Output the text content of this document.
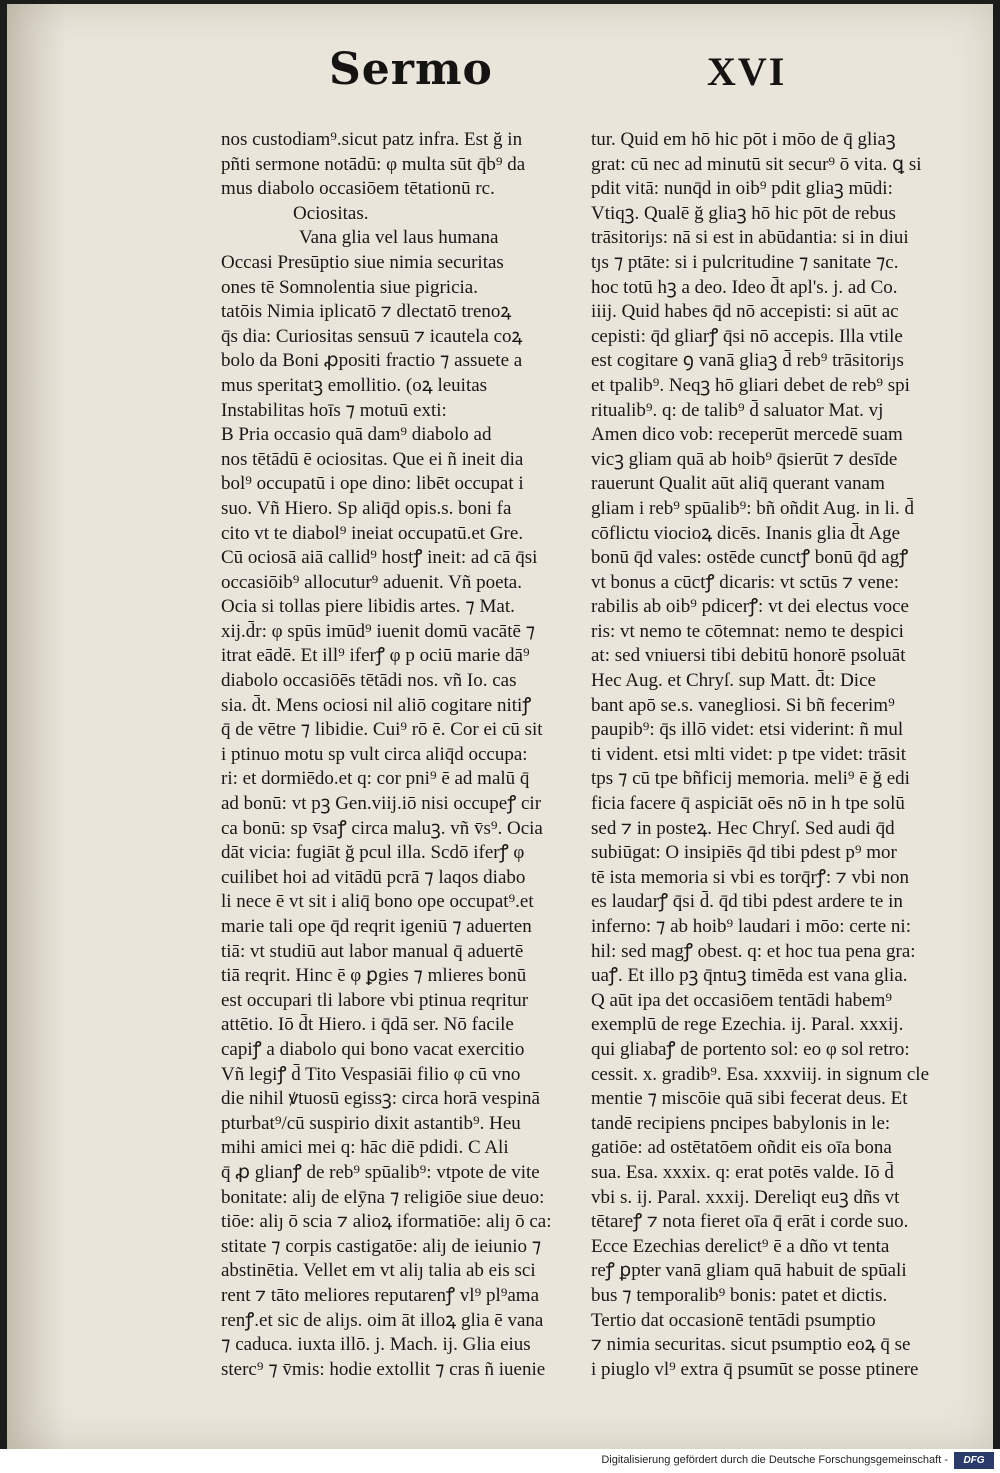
Sermo	XVI
nos custodiam⁹.sicut patz infra. Est ğ in
pñti sermone notādū: φ multa sūt q̄b⁹ da
mus diabolo occasiōem tētationū rc.
Ociositas.
Vana glia vel laus humana
Occasi Presūptio siue nimia securitas
ones tē Somnolentia siue pigricia.
tatōis Nimia iplicatō ⁊ dlectatō trenoꝝ
q̄s dia: Curiositas sensuū ⁊ icautela coꝝ
bolo da Boni ꝓpositi fractio ⁊ assuete a
mus speritatꝫ emollitio. (oꝝ leuitas
Instabilitas hoīs ⁊ motuū exti:
B Pria occasio quā dam⁹ diabolo ad
nos tētādū ē ociositas. Que ei ñ ineit dia
bol⁹ occupatū i ope dino: libēt occupat i
suo. Vñ Hiero. Sp aliq̄d opis.s. boni fa
cito vt te diabol⁹ ineiat occupatū.et Gre.
Cū ociosā aiā callid⁹ hostꝭ ineit: ad cā q̄si
occasiōib⁹ allocutur⁹ aduenit. Vñ poeta.
Ocia si tollas piere libidis artes. ⁊ Mat.
xij.d̄r: φ spūs imūd⁹ iuenit domū vacātē ⁊
itrat eādē. Et ill⁹ iferꝭ φ p ociū marie dā⁹
diabolo occasiōēs tētādi nos. vñ Io. cas
sia. d̄t. Mens ociosi nil aliō cogitare nitiꝭ
q̄ de vētre ⁊ libidie. Cui⁹ rō ē. Cor ei cū sit
i ptinuo motu sp vult circa aliq̄d occupa:
ri: et dormiēdo.et q: cor pni⁹ ē ad malū q̄
ad bonū: vt pꝫ Gen.viij.iō nisi occupeꝭ cir
ca bonū: sp v̄saꝭ circa maluꝫ. vñ v̄s⁹. Ocia
dāt vicia: fugiāt ğ pcul illa. Scdō iferꝭ φ
cuilibet hoi ad vitādū pcrā ⁊ laqos diabo
li nece ē vt sit i aliq̄ bono ope occupat⁹.et
marie tali ope q̄d reqrit igeniū ⁊ aduerten
tiā: vt studiū aut labor manual q̄ aduertē
tiā reqrit. Hinc ē φ ꝑgies ⁊ mlieres bonū
est occupari tli labore vbi ptinua reqritur
attētio. Iō d̄t Hiero. i q̄dā ser. Nō facile
capiꝭ a diabolo qui bono vacat exercitio
Vñ legiꝭ d̄ Tito Vespasiāi filio φ cū vno
die nihil ꝟtuosū egissꝫ: circa horā vespinā
pturbat⁹/cū suspirio dixit astantib⁹. Heu
mihi amici mei q: hāc diē pdidi. C Ali
q̄ ꝓ glianꝭ de reb⁹ spūalib⁹: vtpote de vite
bonitate: aliȷ de elȳna ⁊ religiōe siue deuo:
tiōe: aliȷ ō scia ⁊ alioꝝ iformatiōe: aliȷ ō ca:
stitate ⁊ corpis castigatōe: aliȷ de ieiunio ⁊
abstinētia. Vellet em vt aliȷ talia ab eis sci
rent ⁊ tāto meliores reputarenꝭ vl⁹ pl⁹ama
renꝭ.et sic de aliȷs. oim āt illoꝝ glia ē vana
⁊ caduca. iuxta illō. j. Mach. ij. Glia eius
sterc⁹ ⁊ v̄mis: hodie extollit ⁊ cras ñ iuenie
tur. Quid em hō hic pōt i mōo de q̄ gliaꝫ
grat: cū nec ad minutū sit secur⁹ ō vita. ꝗ si
pdit vitā: nunq̄d in oib⁹ pdit gliaꝫ mūdi:
Vtiqꝫ. Qualē ğ gliaꝫ hō hic pōt de rebus
trāsitoriȷs: nā si est in abūdantia: si in diui
tȷs ⁊ ptāte: si i pulcritudine ⁊ sanitate ⁊c.
hoc totū hꝫ a deo. Ideo d̄t apl's. j. ad Co.
iiij. Quid habes q̄d nō accepisti: si aūt ac
cepisti: q̄d gliarꝭ q̄si nō accepis. Illa vtile
est cogitare ꝯ vanā gliaꝫ d̄ reb⁹ trāsitoriȷs
et tpalib⁹. Neqꝫ hō gliari debet de reb⁹ spi
ritualib⁹. q: de talib⁹ d̄ saluator Mat. vj
Amen dico vob: receperūt mercedē suam
vicꝫ gliam quā ab hoib⁹ q̄sierūt ⁊ desīde
rauerunt Qualit aūt aliq̄ querant vanam
gliam i reb⁹ spūalib⁹: bñ oñdit Aug. in li. d̄
cōflictu viocioꝝ dicēs. Inanis glia d̄t Age
bonū q̄d vales: ostēde cunctꝭ bonū q̄d agꝭ
vt bonus a cūctꝭ dicaris: vt sctūs ⁊ vene:
rabilis ab oib⁹ pdicerꝭ: vt dei electus voce
ris: vt nemo te cōtemnat: nemo te despici
at: sed vniuersi tibi debitū honorē psoluāt
Hec Aug. et Chryſ. sup Matt. d̄t: Dice
bant apō se.s. vanegliosi. Si bñ fecerim⁹
paupib⁹: q̄s illō videt: etsi viderint: ñ mul
ti vident. etsi mlti videt: p tpe videt: trāsit
tps ⁊ cū tpe bñficij memoria. meli⁹ ē ğ edi
ficia facere q̄ aspiciāt oēs nō in h tpe solū
sed ⁊ in posteꝝ. Hec Chryſ. Sed audi q̄d
subiūgat: O insipiēs q̄d tibi pdest p⁹ mor
tē ista memoria si vbi es torq̄rꝭ: ⁊ vbi non
es laudarꝭ q̄si d̄. q̄d tibi pdest ardere te in
inferno: ⁊ ab hoib⁹ laudari i mōo: certe ni:
hil: sed magꝭ obest. q: et hoc tua pena gra:
uaꝭ. Et illo pꝫ q̄ntuꝫ timēda est vana glia.
Q aūt ipa det occasiōem tentādi habem⁹
exemplū de rege Ezechia. ij. Paral. xxxij.
qui gliabaꝭ de portento sol: eo φ sol retro:
cessit. x. gradib⁹. Esa. xxxviij. in signum cle
mentie ⁊ miscōie quā sibi fecerat deus. Et
tandē recipiens pncipes babylonis in le:
gatiōe: ad ostētatōem oñdit eis oīa bona
sua. Esa. xxxix. q: erat potēs valde. Iō d̄
vbi s. ij. Paral. xxxij. Dereliqt euꝫ dñs vt
tētareꝭ ⁊ nota fieret oīa q̄ erāt i corde suo.
Ecce Ezechias derelict⁹ ē a dño vt tenta
reꝭ ꝑpter vanā gliam quā habuit de spūali
bus ⁊ temporalib⁹ bonis: patet et dictis.
Tertio dat occasionē tentādi psumptio
⁊ nimia securitas. sicut psumptio eoꝝ q̄ se
i piuglo vl⁹ extra q̄ psumūt se posse ptinere
Digitalisierung gefördert durch die Deutsche Forschungsgemeinschaft -	DFG
